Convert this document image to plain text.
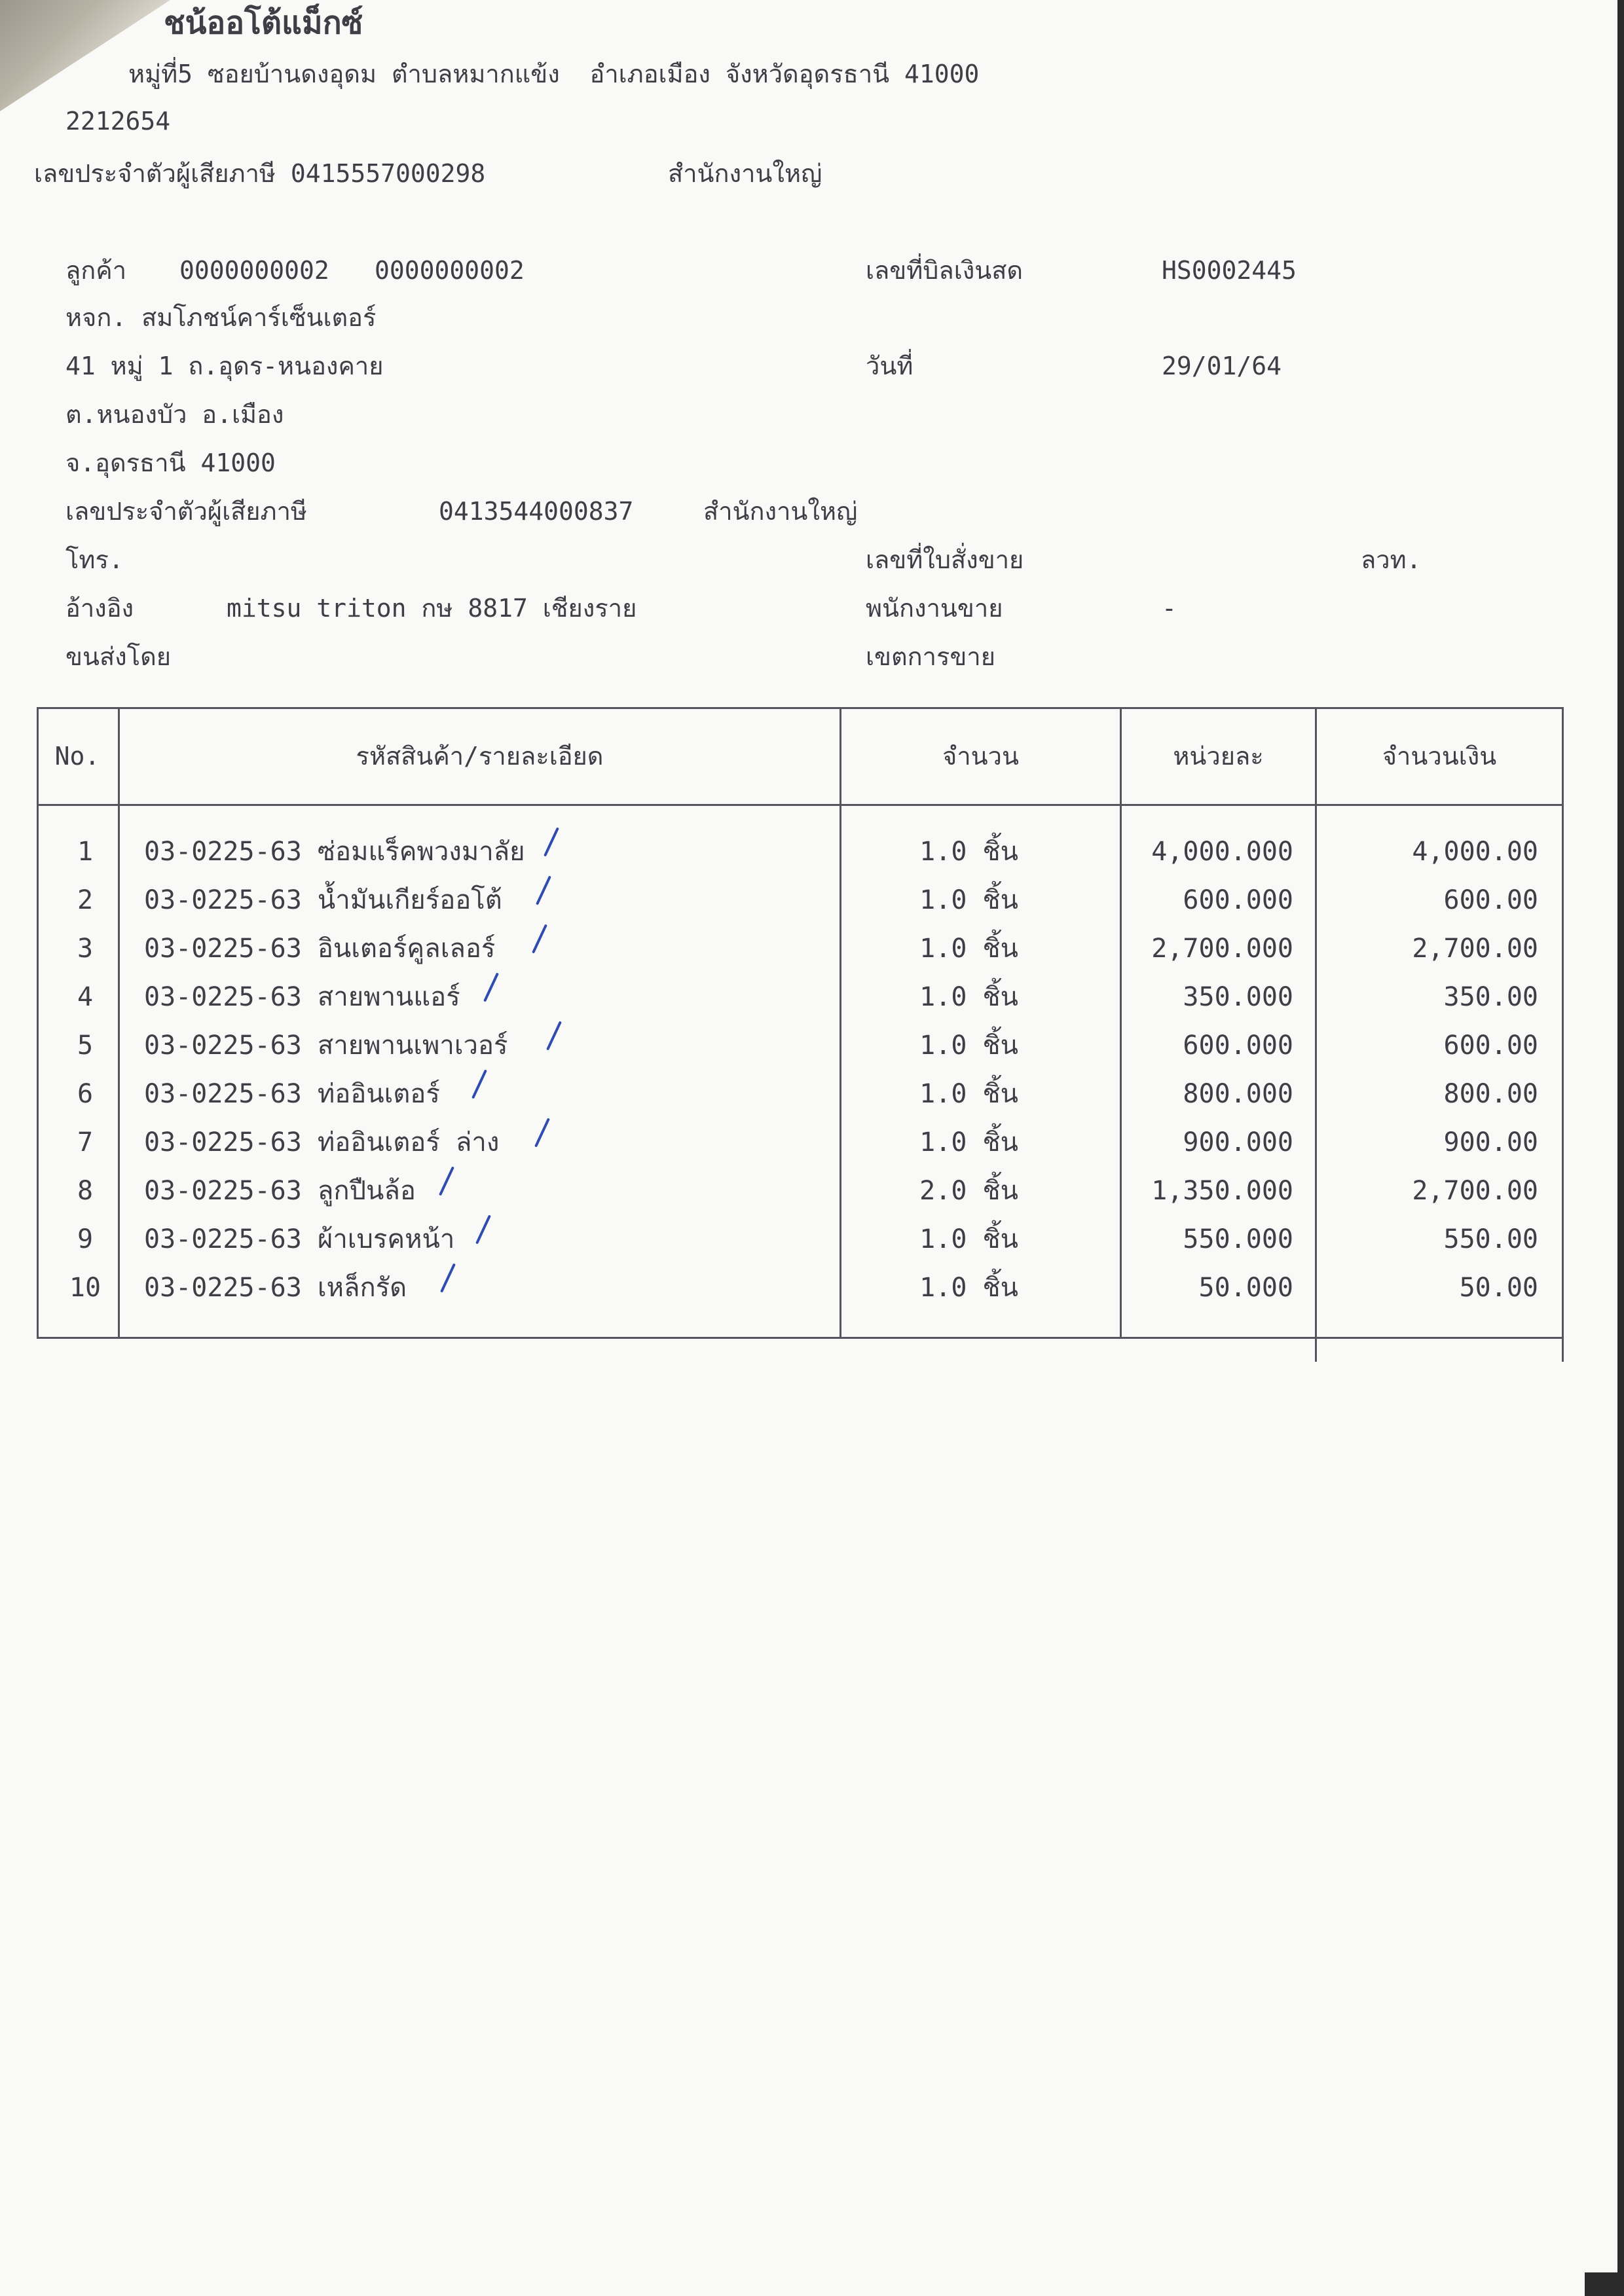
ชน้ออโต้แม็กซ์
หมู่ที่5 ซอยบ้านดงอุดม ตำบลหมากแข้ง  อำเภอเมือง จังหวัดอุดรธานี 41000
2212654
เลขประจำตัวผู้เสียภาษี 0415557000298	สำนักงานใหญ่
ลูกค้า 0000000002 0000000002
หจก. สมโภชน์คาร์เซ็นเตอร์
41 หมู่ 1 ถ.อุดร-หนองคาย
ต.หนองบัว อ.เมือง
จ.อุดรธานี 41000
เลขประจำตัวผู้เสียภาษี	0413544000837	สำนักงานใหญ่
โทร.
อ้างอิง	mitsu triton กษ 8817 เชียงราย
ขนส่งโดย
เลขที่บิลเงินสด	HS0002445
วันที่	29/01/64
เลขที่ใบสั่งขาย	ลวท.
พนักงานขาย	-
เขตการขาย
No.	รหัสสินค้า/รายละเอียด	จำนวน	หน่วยละ	จำนวนเงิน
1	03-0225-63 ซ่อมแร็คพวงมาลัย	1.0 ชิ้น	4,000.000	4,000.00
2	03-0225-63 น้ำมันเกียร์ออโต้	1.0 ชิ้น	600.000	600.00
3	03-0225-63 อินเตอร์คูลเลอร์	1.0 ชิ้น	2,700.000	2,700.00
4	03-0225-63 สายพานแอร์	1.0 ชิ้น	350.000	350.00
5	03-0225-63 สายพานเพาเวอร์	1.0 ชิ้น	600.000	600.00
6	03-0225-63 ท่ออินเตอร์	1.0 ชิ้น	800.000	800.00
7	03-0225-63 ท่ออินเตอร์ ล่าง	1.0 ชิ้น	900.000	900.00
8	03-0225-63 ลูกปืนล้อ	2.0 ชิ้น	1,350.000	2,700.00
9	03-0225-63 ผ้าเบรคหน้า	1.0 ชิ้น	550.000	550.00
10	03-0225-63 เหล็กรัด	1.0 ชิ้น	50.000	50.00
